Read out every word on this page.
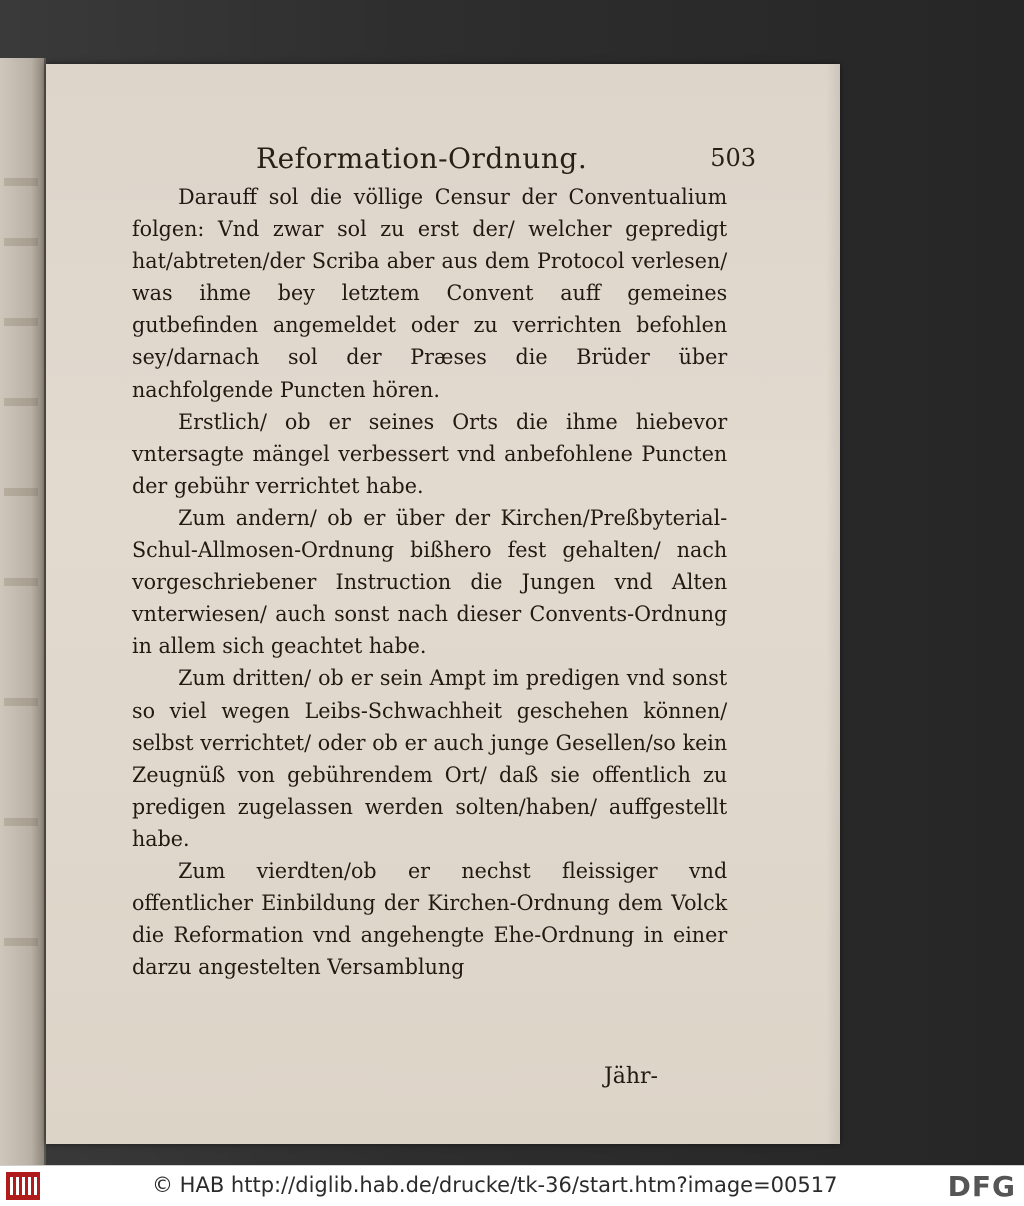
Reformation-Ordnung.	503

Darauff sol die völlige Censur der Conventualium folgen: Vnd zwar sol zu erst der/ welcher gepredigt hat/abtreten/der Scriba aber aus dem Protocol verlesen/ was ihme bey letztem Convent auff gemeines gutbefinden angemeldet oder zu verrichten befohlen sey/darnach sol der Præses die Brüder über nachfolgende Puncten hören.

Erstlich/ ob er seines Orts die ihme hiebevor vntersagte mängel verbessert vnd anbefohlene Puncten der gebühr verrichtet habe.

Zum andern/ ob er über der Kirchen/Preßbyterial-Schul-Allmosen-Ordnung bißhero fest gehalten/ nach vorgeschriebener Instruction die Jungen vnd Alten vnterwiesen/ auch sonst nach dieser Convents-Ordnung in allem sich geachtet habe.

Zum dritten/ ob er sein Ampt im predigen vnd sonst so viel wegen Leibs-Schwachheit geschehen können/ selbst verrichtet/ oder ob er auch junge Gesellen/so kein Zeugnüß von gebührendem Ort/ daß sie offentlich zu predigen zugelassen werden solten/haben/ auffgestellt habe.

Zum vierdten/ob er nechst fleissiger vnd offentlicher Einbildung der Kirchen-Ordnung dem Volck die Reformation vnd angehengte Ehe-Ordnung in einer darzu angestelten Versamblung

Jähr-
© HAB http://diglib.hab.de/drucke/tk-36/start.htm?image=00517	DFG
